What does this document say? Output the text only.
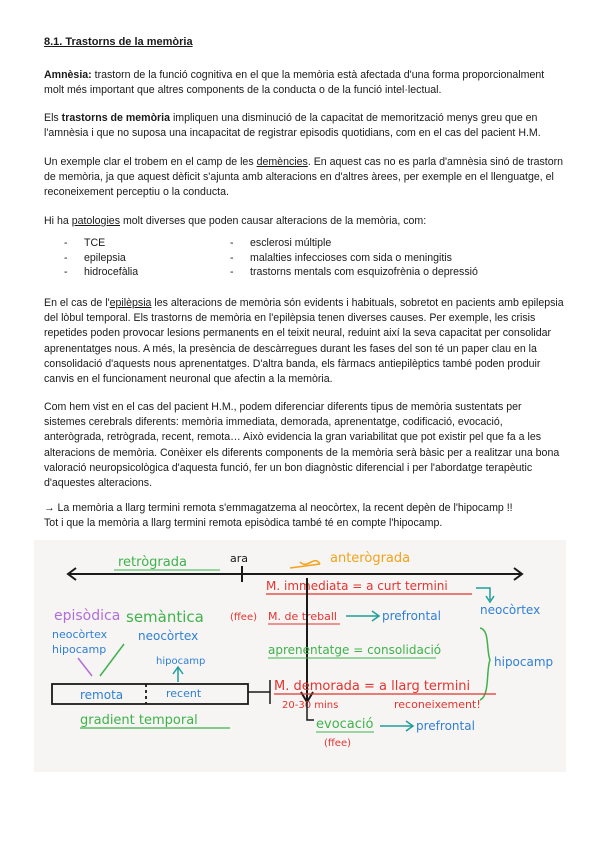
8.1. Trastorns de la memòria
Amnèsia: trastorn de la funció cognitiva en el que la memòria està afectada d'una forma proporcionalment molt més important que altres components de la conducta o de la funció intel·lectual.
Els trastorns de memòria impliquen una disminució de la capacitat de memorització menys greu que en l'amnèsia i que no suposa una incapacitat de registrar episodis quotidians, com en el cas del pacient H.M.
Un exemple clar el trobem en el camp de les demències. En aquest cas no es parla d'amnèsia sinó de trastorn de memòria, ja que aquest dèficit s'ajunta amb alteracions en d'altres àrees, per exemple en el llenguatge, el reconeixement perceptiu o la conducta.
Hi ha patologies molt diverses que poden causar alteracions de la memòria, com:
- TCE	- esclerosi múltiple
- epilepsia	- malalties infeccioses com sida o meningitis
- hidrocefàlia	- trastorns mentals com esquizofrènia o depressió
En el cas de l'epilèpsia les alteracions de memòria són evidents i habituals, sobretot en pacients amb epilepsia del lòbul temporal. Els trastorns de memòria en l'epilèpsia tenen diverses causes. Per exemple, les crisis repetides poden provocar lesions permanents en el teixit neural, reduint així la seva capacitat per consolidar aprenentatges nous. A més, la presència de descàrregues durant les fases del son té un paper clau en la consolidació d'aquests nous aprenentatges. D'altra banda, els fàrmacs antiepilèptics també poden produir canvis en el funcionament neuronal que afectin a la memòria.
Com hem vist en el cas del pacient H.M., podem diferenciar diferents tipus de memòria sustentats per sistemes cerebrals diferents: memòria immediata, demorada, aprenentatge, codificació, evocació, anterògrada, retrògrada, recent, remota… Això evidencia la gran variabilitat que pot existir pel que fa a les alteracions de memòria. Conèixer els diferents components de la memòria serà bàsic per a realitzar una bona valoració neuropsicològica d'aquesta funció, fer un bon diagnòstic diferencial i per l'abordatge terapèutic d'aquestes alteracions.
→ La memòria a llarg termini remota s'emmagatzema al neocòrtex, la recent depèn de l'hipocamp !!
Tot i que la memòria a llarg termini remota episòdica també té en compte l'hipocamp.
retrògrada	ara	anterògrada
M. immediata = a curt termini
neocòrtex
(ffee) M. de treball	prefrontal
episòdica semàntica
neocòrtex
hipocamp
neocòrtex
aprenentatge = consolidació
hipocamp
hipocamp
remota	recent	M. demorada = a llarg termini
20-30 mins	reconeixement!
gradient temporal	evocació	prefrontal
(ffee)
